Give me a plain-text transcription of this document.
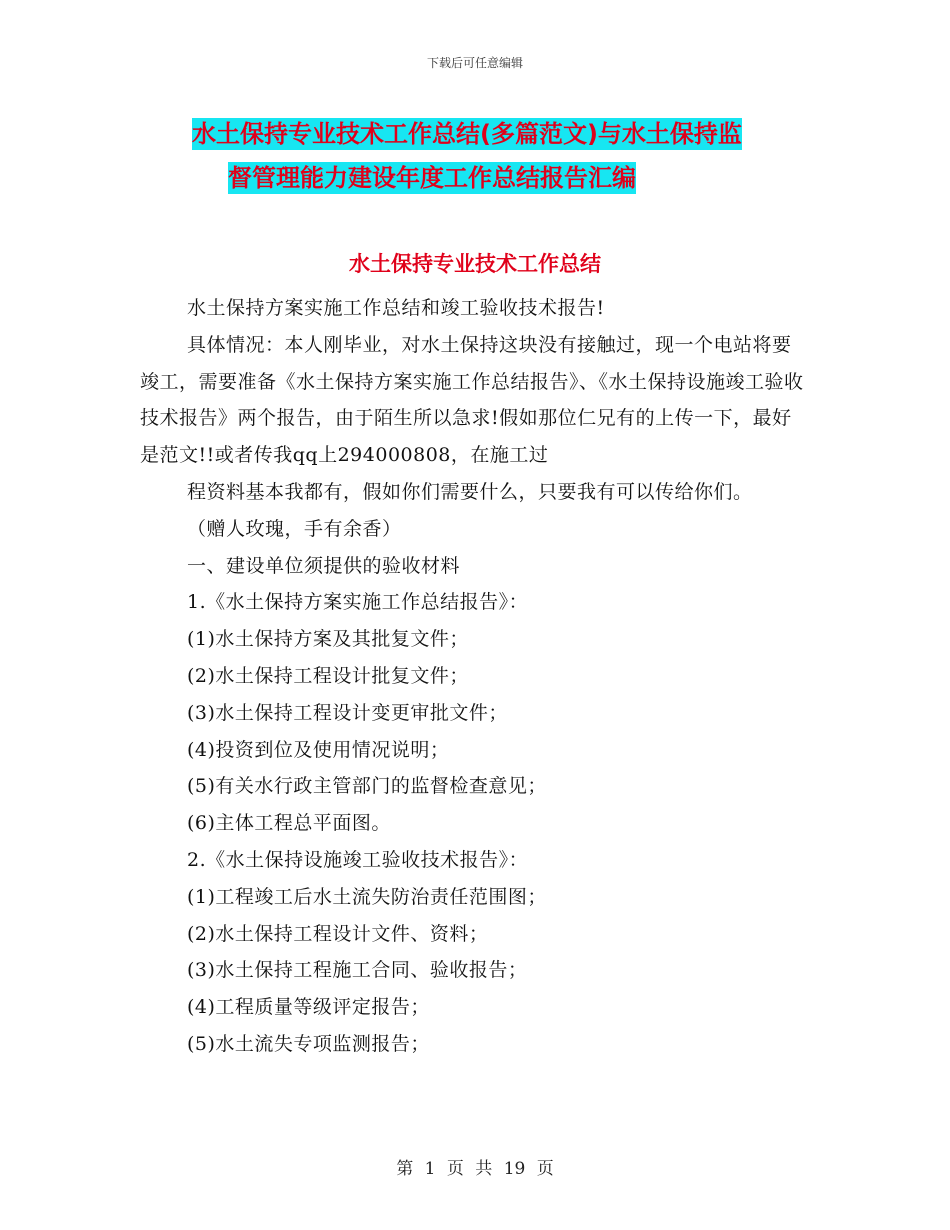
下载后可任意编辑
水土保持专业技术工作总结(多篇范文)与水土保持监
督管理能力建设年度工作总结报告汇编
水土保持专业技术工作总结

水土保持方案实施工作总结和竣工验收技术报告!

具体情况：本人刚毕业，对水土保持这块没有接触过，现一个电站将要竣工，需要准备《水土保持方案实施工作总结报告》、《水土保持设施竣工验收技术报告》两个报告，由于陌生所以急求!假如那位仁兄有的上传一下，最好是范文!!或者传我qq上294000808，在施工过

程资料基本我都有，假如你们需要什么，只要我有可以传给你们。

（赠人玫瑰，手有余香）

一、建设单位须提供的验收材料

1.《水土保持方案实施工作总结报告》：

(1)水土保持方案及其批复文件；

(2)水土保持工程设计批复文件；

(3)水土保持工程设计变更审批文件；

(4)投资到位及使用情况说明；

(5)有关水行政主管部门的监督检查意见；

(6)主体工程总平面图。

2.《水土保持设施竣工验收技术报告》：

(1)工程竣工后水土流失防治责任范围图；

(2)水土保持工程设计文件、资料；

(3)水土保持工程施工合同、验收报告；

(4)工程质量等级评定报告；

(5)水土流失专项监测报告；

第 1 页 共 19 页
